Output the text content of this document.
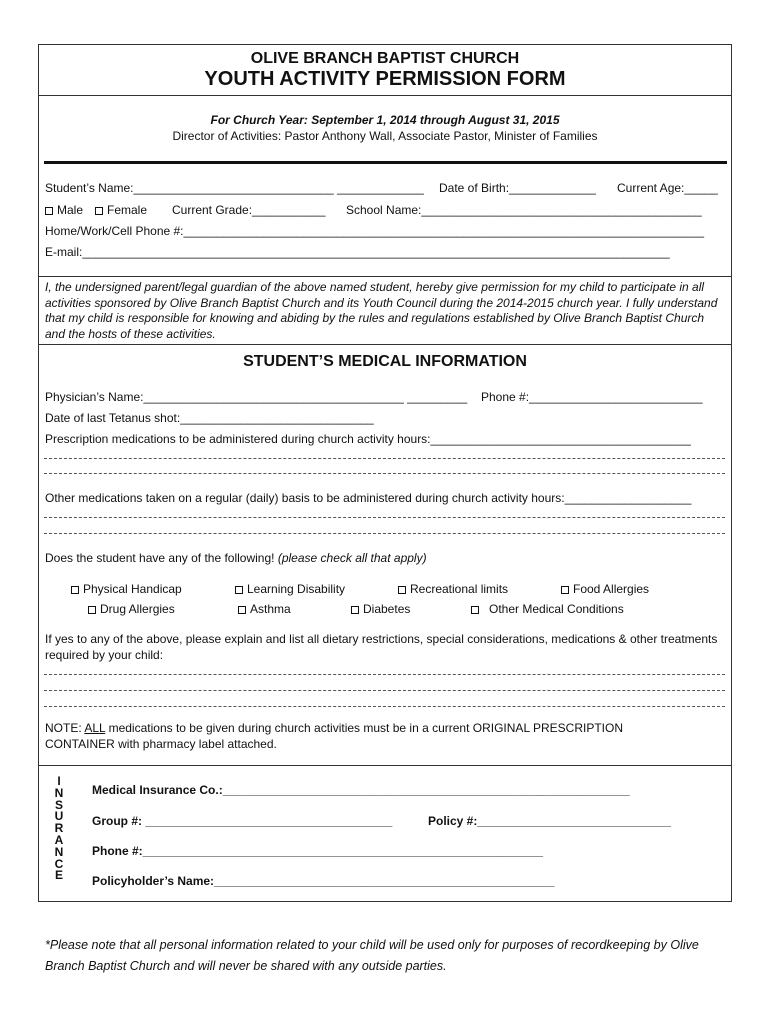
OLIVE BRANCH BAPTIST CHURCH
YOUTH ACTIVITY PERMISSION FORM
For Church Year: September 1, 2014 through August 31, 2015
Director of Activities: Pastor Anthony Wall, Associate Pastor, Minister of Families
Student’s Name:______________________________ _____________ Date of Birth:_____________ Current Age:_____
Male	Female Current Grade:___________ School Name:__________________________________________
Home/Work/Cell Phone #:______________________________________________________________________________
E-mail:________________________________________________________________________________________
I, the undersigned parent/legal guardian of the above named student, hereby give permission for my child to participate in all activities sponsored by Olive Branch Baptist Church and its Youth Council during the 2014-2015 church year. I fully understand that my child is responsible for knowing and abiding by the rules and regulations established by Olive Branch Baptist Church and the hosts of these activities.
STUDENT’S MEDICAL INFORMATION
Physician’s Name:_______________________________________ _________ Phone #:__________________________
Date of last Tetanus shot:_____________________________
Prescription medications to be administered during church activity hours:_______________________________________
Other medications taken on a regular (daily) basis to be administered during church activity hours:___________________
Does the student have any of the following! (please check all that apply)
Physical Handicap	Learning Disability	Recreational limits	Food Allergies
Drug Allergies	Asthma	Diabetes	Other Medical Conditions
If yes to any of the above, please explain and list all dietary restrictions, special considerations, medications & other treatments required by your child:
NOTE: ALL medications to be given during church activities must be in a current ORIGINAL PRESCRIPTION CONTAINER with pharmacy label attached.
I
N
S
U
R
A
N
C
E
Medical Insurance Co.:_____________________________________________________________
Group #: _____________________________________	Policy #:_____________________________
Phone #:____________________________________________________________
Policyholder’s Name:___________________________________________________
*Please note that all personal information related to your child will be used only for purposes of recordkeeping by Olive Branch Baptist Church and will never be shared with any outside parties.
